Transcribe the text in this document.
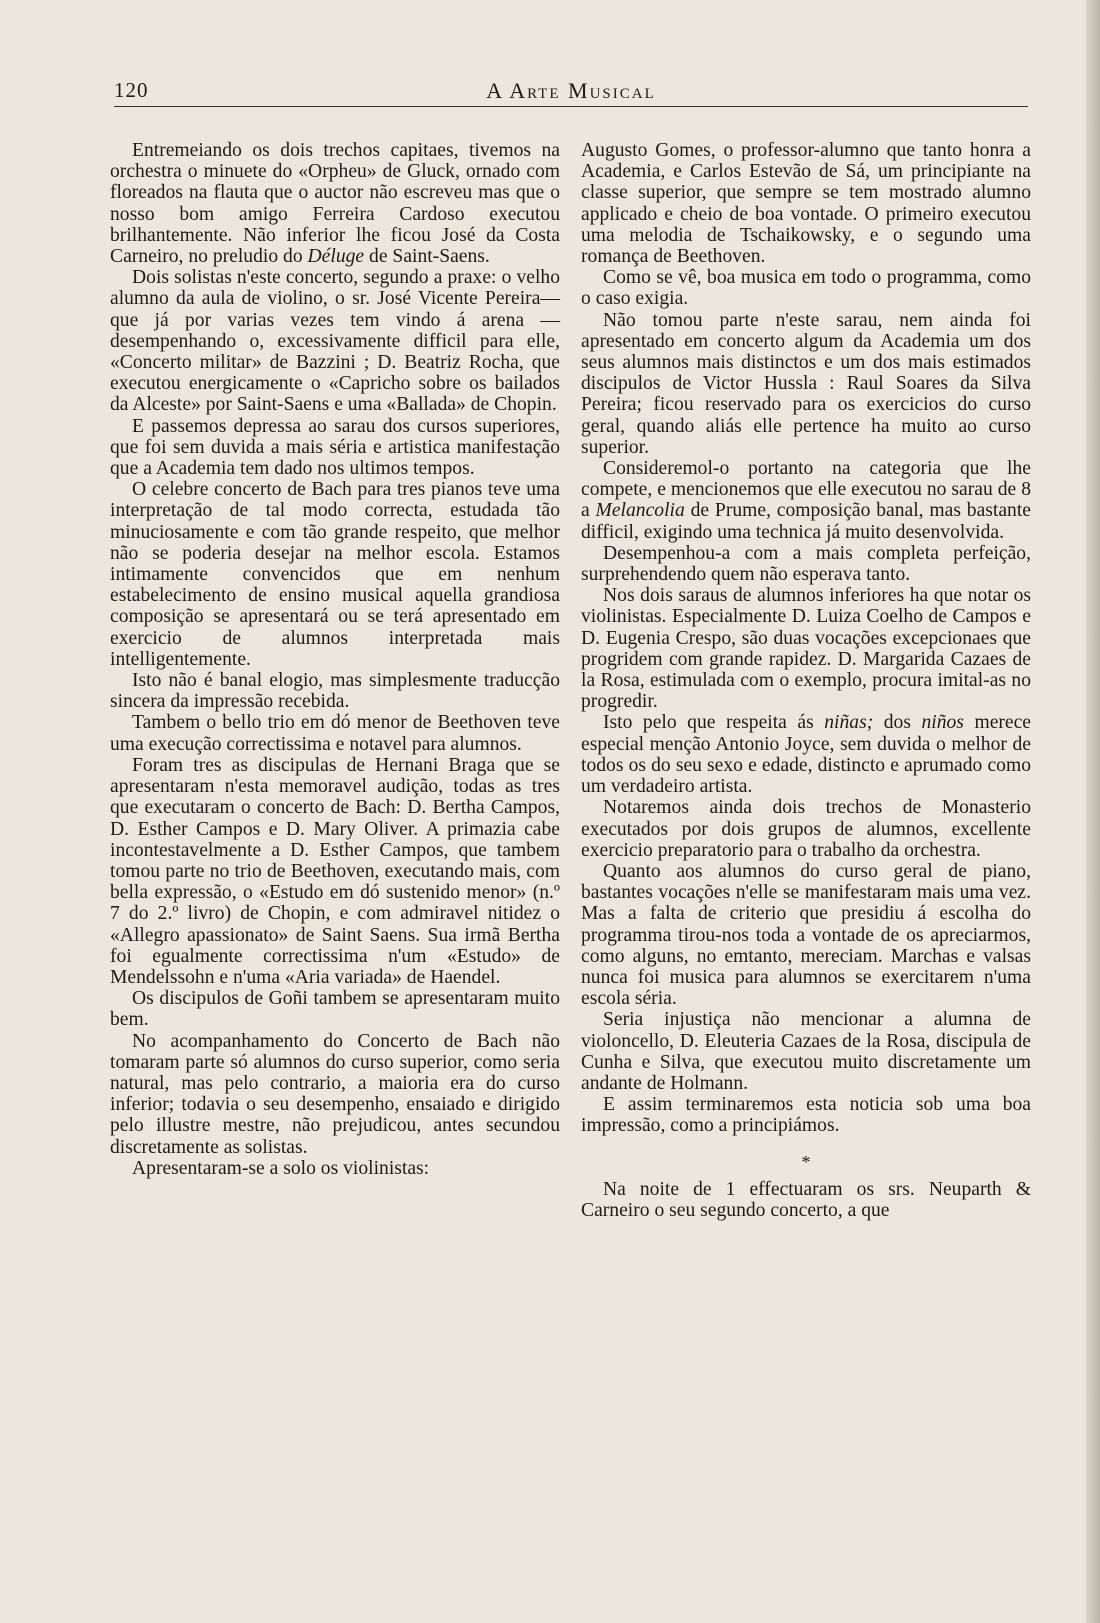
120	A Arte Musical

Entremeiando os dois trechos capitaes, tivemos na orchestra o minuete do «Orpheu» de Gluck, ornado com floreados na flauta que o auctor não escreveu mas que o nosso bom amigo Ferreira Cardoso executou brilhantemente. Não inferior lhe ficou José da Costa Carneiro, no preludio do Déluge de Saint-Saens.

Dois solistas n'este concerto, segundo a praxe: o velho alumno da aula de violino, o sr. José Vicente Pereira—que já por varias vezes tem vindo á arena — desempenhando o, excessivamente difficil para elle, «Concerto militar» de Bazzini ; D. Beatriz Rocha, que executou energicamente o «Capricho sobre os bailados da Alceste» por Saint-Saens e uma «Ballada» de Chopin.

E passemos depressa ao sarau dos cursos superiores, que foi sem duvida a mais séria e artistica manifestação que a Academia tem dado nos ultimos tempos.

O celebre concerto de Bach para tres pianos teve uma interpretação de tal modo correcta, estudada tão minuciosamente e com tão grande respeito, que melhor não se poderia desejar na melhor escola. Estamos intimamente convencidos que em nenhum estabelecimento de ensino musical aquella grandiosa composição se apresentará ou se terá apresentado em exercicio de alumnos interpretada mais intelligentemente.

Isto não é banal elogio, mas simplesmente traducção sincera da impressão recebida.

Tambem o bello trio em dó menor de Beethoven teve uma execução correctissima e notavel para alumnos.

Foram tres as discipulas de Hernani Braga que se apresentaram n'esta memoravel audição, todas as tres que executaram o concerto de Bach: D. Bertha Campos, D. Esther Campos e D. Mary Oliver. A primazia cabe incontestavelmente a D. Esther Campos, que tambem tomou parte no trio de Beethoven, executando mais, com bella expressão, o «Estudo em dó sustenido menor» (n.º 7 do 2.º livro) de Chopin, e com admiravel nitidez o «Allegro apassionato» de Saint Saens. Sua irmã Bertha foi egualmente correctissima n'um «Estudo» de Mendelssohn e n'uma «Aria variada» de Haendel.

Os discipulos de Goñi tambem se apresentaram muito bem.

No acompanhamento do Concerto de Bach não tomaram parte só alumnos do curso superior, como seria natural, mas pelo contrario, a maioria era do curso inferior; todavia o seu desempenho, ensaiado e dirigido pelo illustre mestre, não prejudicou, antes secundou discretamente as solistas.

Apresentaram-se a solo os violinistas:

Augusto Gomes, o professor-alumno que tanto honra a Academia, e Carlos Estevão de Sá, um principiante na classe superior, que sempre se tem mostrado alumno applicado e cheio de boa vontade. O primeiro executou uma melodia de Tschaikowsky, e o segundo uma romança de Beethoven.

Como se vê, boa musica em todo o programma, como o caso exigia.

Não tomou parte n'este sarau, nem ainda foi apresentado em concerto algum da Academia um dos seus alumnos mais distinctos e um dos mais estimados discipulos de Victor Hussla : Raul Soares da Silva Pereira; ficou reservado para os exercicios do curso geral, quando aliás elle pertence ha muito ao curso superior.

Consideremol-o portanto na categoria que lhe compete, e mencionemos que elle executou no sarau de 8 a Melancolia de Prume, composição banal, mas bastante difficil, exigindo uma technica já muito desenvolvida.

Desempenhou-a com a mais completa perfeição, surprehendendo quem não esperava tanto.

Nos dois saraus de alumnos inferiores ha que notar os violinistas. Especialmente D. Luiza Coelho de Campos e D. Eugenia Crespo, são duas vocações excepcionaes que progridem com grande rapidez. D. Margarida Cazaes de la Rosa, estimulada com o exemplo, procura imital-as no progredir.

Isto pelo que respeita ás niñas; dos niños merece especial menção Antonio Joyce, sem duvida o melhor de todos os do seu sexo e edade, distincto e aprumado como um verdadeiro artista.

Notaremos ainda dois trechos de Monasterio executados por dois grupos de alumnos, excellente exercicio preparatorio para o trabalho da orchestra.

Quanto aos alumnos do curso geral de piano, bastantes vocações n'elle se manifestaram mais uma vez. Mas a falta de criterio que presidiu á escolha do programma tirou-nos toda a vontade de os apreciarmos, como alguns, no emtanto, mereciam. Marchas e valsas nunca foi musica para alumnos se exercitarem n'uma escola séria.

Seria injustiça não mencionar a alumna de violoncello, D. Eleuteria Cazaes de la Rosa, discipula de Cunha e Silva, que executou muito discretamente um andante de Holmann.

E assim terminaremos esta noticia sob uma boa impressão, como a principiámos.

*

Na noite de 1 effectuaram os srs. Neuparth & Carneiro o seu segundo concerto, a que
